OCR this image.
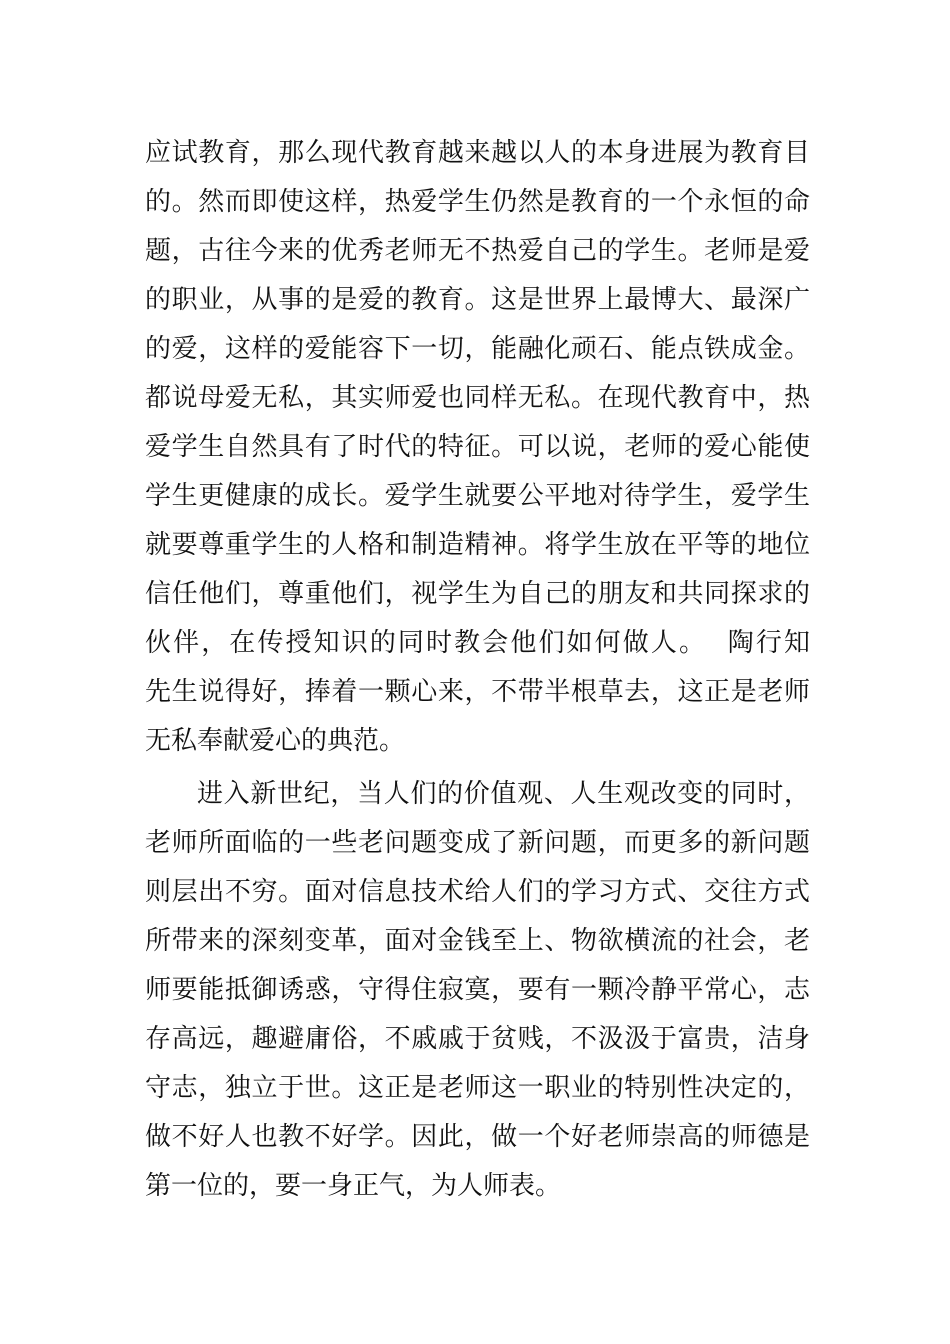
应试教育，那么现代教育越来越以人的本身进展为教育目
的。然而即使这样，热爱学生仍然是教育的一个永恒的命
题，古往今来的优秀老师无不热爱自己的学生。老师是爱
的职业，从事的是爱的教育。这是世界上最博大、最深广
的爱，这样的爱能容下一切，能融化顽石、能点铁成金。
都说母爱无私，其实师爱也同样无私。在现代教育中，热
爱学生自然具有了时代的特征。可以说，老师的爱心能使
学生更健康的成长。爱学生就要公平地对待学生，爱学生
就要尊重学生的人格和制造精神。将学生放在平等的地位
信任他们，尊重他们，视学生为自己的朋友和共同探求的
伙伴，在传授知识的同时教会他们如何做人。  陶行知
先生说得好，捧着一颗心来，不带半根草去，这正是老师
无私奉献爱心的典范。
进入新世纪，当人们的价值观、人生观改变的同时，
老师所面临的一些老问题变成了新问题，而更多的新问题
则层出不穷。面对信息技术给人们的学习方式、交往方式
所带来的深刻变革，面对金钱至上、物欲横流的社会，老
师要能抵御诱惑，守得住寂寞，要有一颗冷静平常心，志
存高远，趣避庸俗，不戚戚于贫贱，不汲汲于富贵，洁身
守志，独立于世。这正是老师这一职业的特别性决定的，
做不好人也教不好学。因此，做一个好老师崇高的师德是
第一位的，要一身正气，为人师表。
